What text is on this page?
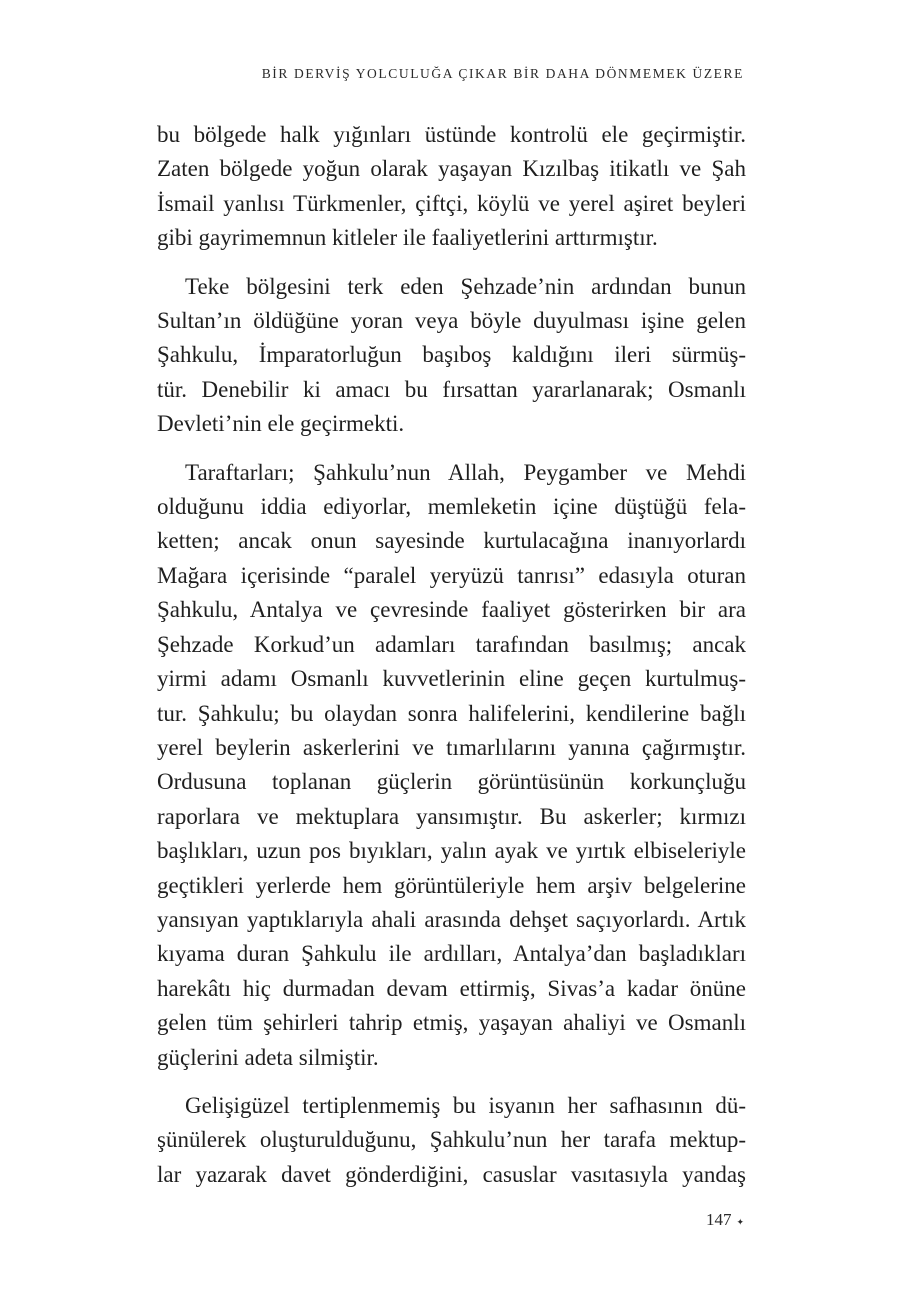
BİR DERVİŞ YOLCULUĞA ÇIKAR BİR DAHA DÖNMEMEK ÜZERE

bu bölgede halk yığınları üstünde kontrolü ele geçirmiştir.
Zaten bölgede yoğun olarak yaşayan Kızılbaş itikatlı ve Şah
İsmail yanlısı Türkmenler, çiftçi, köylü ve yerel aşiret beyleri
gibi gayrimemnun kitleler ile faaliyetlerini arttırmıştır.

Teke bölgesini terk eden Şehzade’nin ardından bunun
Sultan’ın öldüğüne yoran veya böyle duyulması işine gelen
Şahkulu, İmparatorluğun başıboş kaldığını ileri sürmüş-
tür. Denebilir ki amacı bu fırsattan yararlanarak; Osmanlı
Devleti’nin ele geçirmekti.

Taraftarları; Şahkulu’nun Allah, Peygamber ve Mehdi
olduğunu iddia ediyorlar, memleketin içine düştüğü fela-
ketten; ancak onun sayesinde kurtulacağına inanıyorlardı
Mağara içerisinde “paralel yeryüzü tanrısı” edasıyla oturan
Şahkulu, Antalya ve çevresinde faaliyet gösterirken bir ara
Şehzade Korkud’un adamları tarafından basılmış; ancak
yirmi adamı Osmanlı kuvvetlerinin eline geçen kurtulmuş-
tur. Şahkulu; bu olaydan sonra halifelerini, kendilerine bağlı
yerel beylerin askerlerini ve tımarlılarını yanına çağırmıştır.
Ordusuna toplanan güçlerin görüntüsünün korkunçluğu
raporlara ve mektuplara yansımıştır. Bu askerler; kırmızı
başlıkları, uzun pos bıyıkları, yalın ayak ve yırtık elbiseleriyle
geçtikleri yerlerde hem görüntüleriyle hem arşiv belgelerine
yansıyan yaptıklarıyla ahali arasında dehşet saçıyorlardı. Artık
kıyama duran Şahkulu ile ardılları, Antalya’dan başladıkları
harekâtı hiç durmadan devam ettirmiş, Sivas’a kadar önüne
gelen tüm şehirleri tahrip etmiş, yaşayan ahaliyi ve Osmanlı
güçlerini adeta silmiştir.

Gelişigüzel tertiplenmemiş bu isyanın her safhasının dü-
şünülerek oluşturulduğunu, Şahkulu’nun her tarafa mektup-
lar yazarak davet gönderdiğini, casuslar vasıtasıyla yandaş

147 ✦
